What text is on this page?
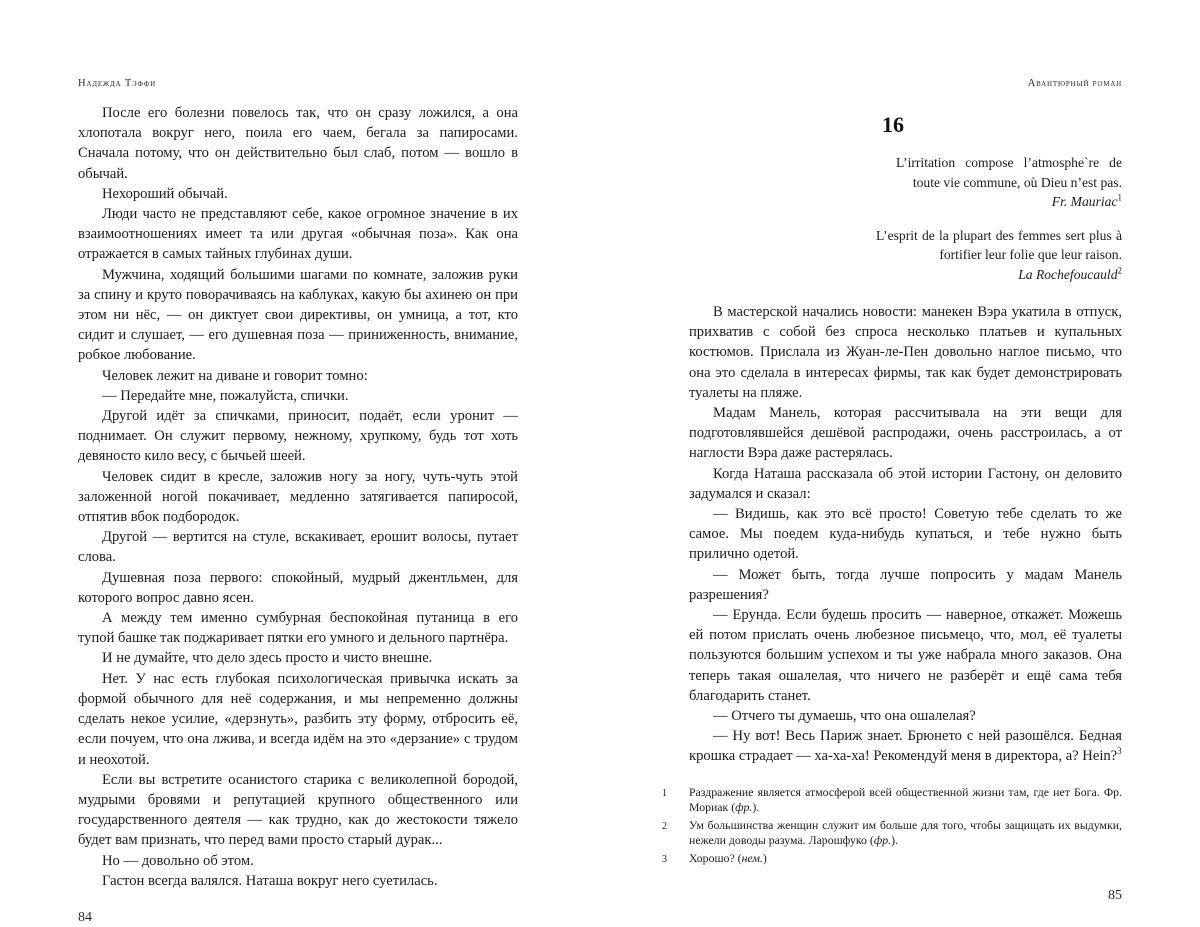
Надежда Тэффи

После его болезни повелось так, что он сразу ложился, а она хлопотала вокруг него, поила его чаем, бегала за папиросами. Сначала потому, что он действительно был слаб, потом — вошло в обычай.

Нехороший обычай.

Люди часто не представляют себе, какое огромное значение в их взаимоотношениях имеет та или другая «обычная поза». Как она отражается в самых тайных глубинах души.

Мужчина, ходящий большими шагами по комнате, заложив руки за спину и круто поворачиваясь на каблуках, какую бы ахинею он при этом ни нёс, — он диктует свои директивы, он умница, а тот, кто сидит и слушает, — его душевная поза — приниженность, внимание, робкое любование.

Человек лежит на диване и говорит томно:

— Передайте мне, пожалуйста, спички.

Другой идёт за спичками, приносит, подаёт, если уронит — поднимает. Он служит первому, нежному, хрупкому, будь тот хоть девяносто кило весу, с бычьей шеей.

Человек сидит в кресле, заложив ногу за ногу, чуть-чуть этой заложенной ногой покачивает, медленно затягивается папиросой, отпятив вбок подбородок.

Другой — вертится на стуле, вскакивает, ерошит волосы, путает слова.

Душевная поза первого: спокойный, мудрый джентльмен, для которого вопрос давно ясен.

А между тем именно сумбурная беспокойная путаница в его тупой башке так поджаривает пятки его умного и дельного партнёра.

И не думайте, что дело здесь просто и чисто внешне.

Нет. У нас есть глубокая психологическая привычка искать за формой обычного для неё содержания, и мы непременно должны сделать некое усилие, «дерзнуть», разбить эту форму, отбросить её, если почуем, что она лжива, и всегда идём на это «дерзание» с трудом и неохотой.

Если вы встретите осанистого старика с великолепной бородой, мудрыми бровями и репутацией крупного общественного или государственного деятеля — как трудно, как до жестокости тяжело будет вам признать, что перед вами просто старый дурак...

Но — довольно об этом.

Гастон всегда валялся. Наташа вокруг него суетилась.

84
Авантюрный роман
16

L’irritation compose l’atmosphe`re de toute vie commune, où Dieu n’est pas.

Fr. Mauriac$^1$

L’esprit de la plupart des femmes sert plus à fortifier leur folie que leur raison.

La Rochefoucauld$^2$

В мастерской начались новости: манекен Вэра укатила в отпуск, прихватив с собой без спроса несколько платьев и купальных костюмов. Прислала из Жуан-ле-Пен довольно наглое письмо, что она это сделала в интересах фирмы, так как будет демонстрировать туалеты на пляже.

Мадам Манель, которая рассчитывала на эти вещи для подготовлявшейся дешёвой распродажи, очень расстроилась, а от наглости Вэра даже растерялась.

Когда Наташа рассказала об этой истории Гастону, он деловито задумался и сказал:

— Видишь, как это всё просто! Советую тебе сделать то же самое. Мы поедем куда-нибудь купаться, и тебе нужно быть прилично одетой.

— Может быть, тогда лучше попросить у мадам Манель разрешения?

— Ерунда. Если будешь просить — наверное, откажет. Можешь ей потом прислать очень любезное письмецо, что, мол, её туалеты пользуются большим успехом и ты уже набрала много заказов. Она теперь такая ошалелая, что ничего не разберёт и ещё сама тебя благодарить станет.

— Отчего ты думаешь, что она ошалелая?

— Ну вот! Весь Париж знает. Брюнето с ней разошёлся. Бедная крошка страдает — ха-ха-ха! Рекомендуй меня в директора, а? Hein?$^3$

1	Раздражение является атмосферой всей общественной жизни там, где нет Бога. Фр. Мориак (фр.).
2	Ум большинства женщин служит им больше для того, чтобы защищать их выдумки, нежели доводы разума. Ларошфуко (фр.).
3	Хорошо? (нем.)
85
